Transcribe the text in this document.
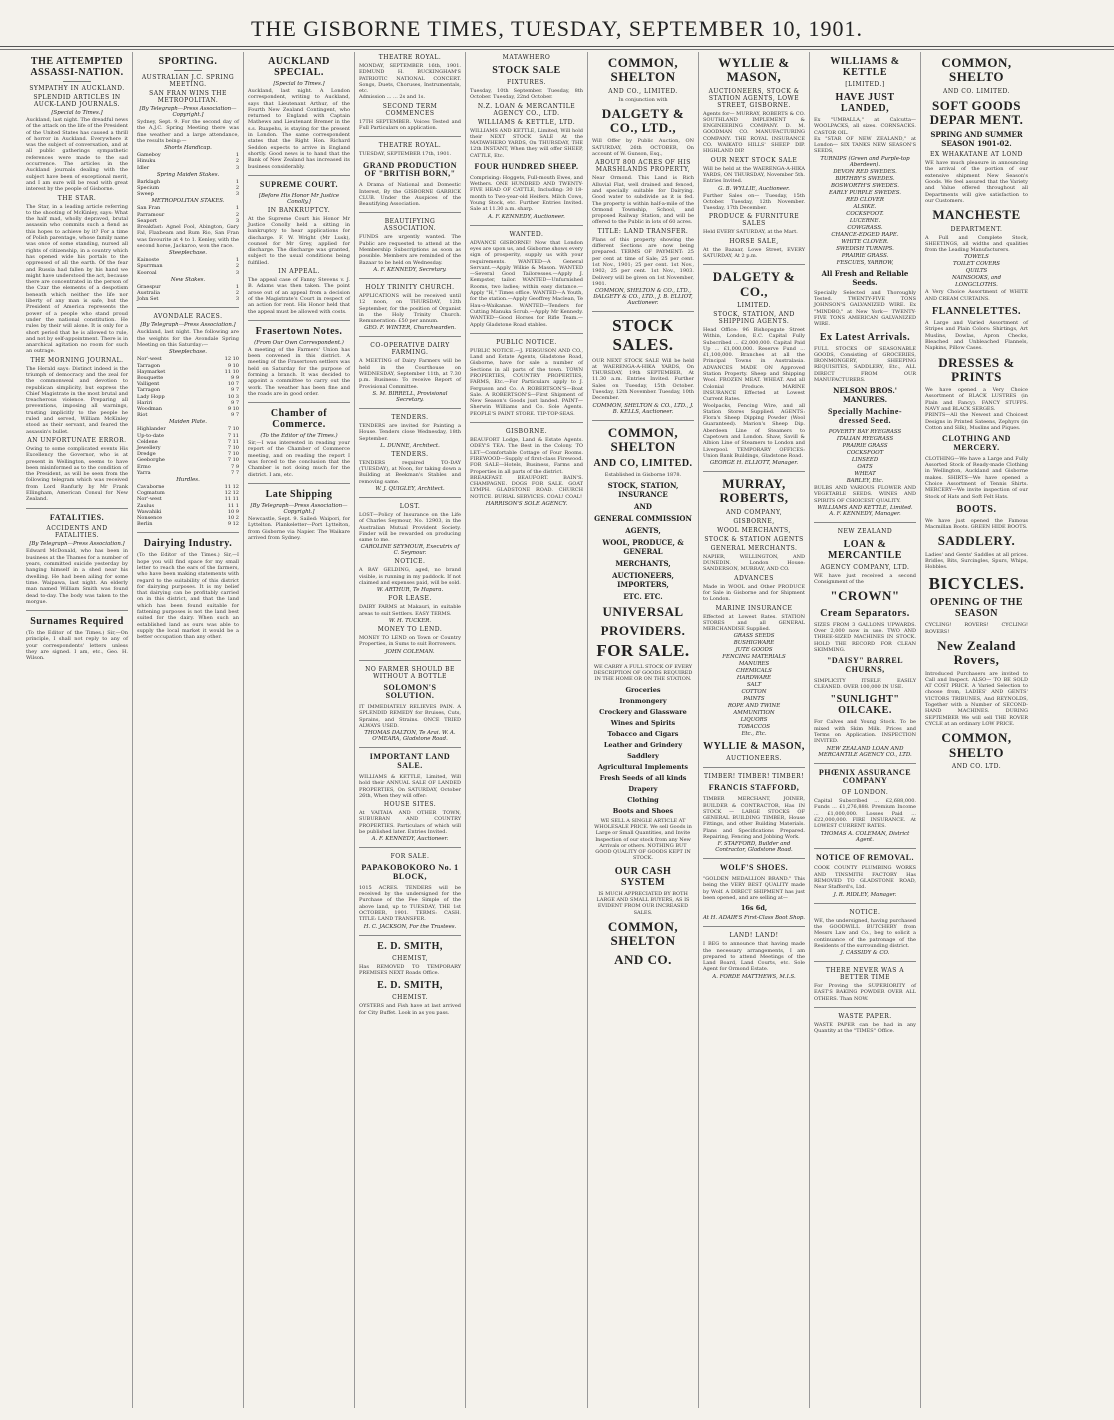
THE GISBORNE TIMES, TUESDAY, SEPTEMBER 10, 1901.
THE ATTEMPTED ASSASSI-NATION.
SYMPATHY IN AUCKLAND.
SPLENDID ARTICLES IN AUCK-LAND JOURNALS.
[Special to Times.]

Auckland, last night. The dreadful news of the attack on the life of the President of the United States has caused a thrill of horror in Auckland. Everywhere it was the subject of conversation, and at all public gatherings sympathetic references were made to the sad occurrence. The articles in the Auckland journals dealing with the subject have been of exceptional merit, and I am sure will be read with great interest by the people of Gisborne.

THE STAR.

The Star, in a leading article referring to the shooting of McKinley, says: What the half mad, wholly depraved, brutal assassin who commits such a fiend as this hopes to achieve by it? For a time of Polish parentage, whose family name was once of some standing, nursed all rights of citizenship, in a country which has opened wide his portals to the oppressed of all the earth. Of the fear and Russia had fallen by his hand we might have understood the act, because there are concentrated in the person of the Czar the elements of a despotism beneath which neither the life nor liberty of any man is safe, but the President of America represents the power of a people who stand proud under the national constitution. He rules by their will alone. It is only for a short period that he is allowed to rule, and not by self-appointment. There is in anarchical agitation no room for such an outrage.

THE MORNING JOURNAL.

The Herald says: Distinct indeed is the triumph of democracy and the zeal for the commonweal and devotion to republican simplicity, but express the Chief Magistrate in the most brutal and treacherous violence. Preparing all preventions, imposing all warnings, trusting implicitly to the people he ruled and served, William McKinley stood as their servant, and feared the assassin's bullet.

AN UNFORTUNATE ERROR.

Owing to some complicated events His Excellency the Governor, who is at present in Wellington, seems to have been misinformed as to the condition of the President, as will be seen from the following telegram which was received from Lord Ranfurly by Mr Frank Ellingham, American Consul for New Zealand.

FATALITIES.
ACCIDENTS AND FATALITIES.
[By Telegraph—Press Association.]

Edward McDonald, who has been in business at the Thames for a number of years, committed suicide yesterday by hanging himself in a shed near his dwelling. He had been ailing for some time. Waipawa, last night. An elderly man named William Smith was found dead to-day. The body was taken to the morgue.

Surnames Required

(To the Editor of the Times.) Sir,—On principle, I shall not reply to any of your correspondents' letters unless they are signed. I am, etc., Geo. H. Wilson.

SPORTING.
AUSTRALIAN J.C. SPRING MEETING.
SAN FRAN WINS THE METROPOLITAN.
[By Telegraph—Press Association—Copyright.]

Sydney, Sept. 9. For the second day of the A.J.C. Spring Meeting there was fine weather and a large attendance, the results being:—

Shorts Handicap.
Gameboy	1
Hinuku	2
Idler	3
Spring Maiden Stakes.
Barklagh	1
Specium	2
Sweep	3
METROPOLITAN STAKES.
San Fran	1
Parramour	2
Seaport	3

Breakfast: Agnel Fool, Abington, Gary Fal, Flaxbeam and Rum Rio, San Fran was favourite at 4 to 1. Kenley, with the second horse, Jackaroo, won the race.

Steeplechase.
Kainoste	1
Spurrman	2
Kooroal	3
New Stakes.
Graespur	1
Australia	2
John Set	3
AVONDALE RACES.
[By Telegraph—Press Association.]

Auckland, last night. The following are the weights for the Avondale Spring Meeting on this Saturday:—

Steeplechase.
Nor'-west	12 10
Tarragon	9 10
Haymarket	11 10
Bouquette	9 9
Valligent	10 7
Tarragon	9 7
Lady Hopp	10 3
Hariri	9 7
Woodman	9 10
Riot	9 7
Maiden Plate.
Highlander	7 10
Up-to-date	7 11
Celdene	7 11
Jewellery	7 10
Dredge	7 10
Geeborghe	7 10
Ermo	7 9
Yarra	7 7
Hurdles.
Cavaborne	11 12
Cogmatum	12 12
Nor'-west	11 11
Zaulus	11 1
Wawahiki	10 9
Nonsence	10 2
Berlin	9 12
Dairying Industry.

(To the Editor of the Times.) Sir,—I hope you will find space for my small letter to reach the ears of the farmers, who have been making statements with regard to the suitability of this district for dairying purposes. It is my belief that dairying can be profitably carried on in this district, and that the land which has been found suitable for fattening purposes is not the land best suited for the dairy. When such an established land as ours was able to supply the local market it would be a better occupation than any other.

AUCKLAND SPECIAL.
[Special to Times.]

Auckland, last night. A London correspondent, writing to Auckland, says that Lieutenant Arthur, of the Fourth New Zealand Contingent, who returned to England with Captain Mathews and Lieutenant Bremer in the s.s. Ruapehu, is staying for the present in London. The same correspondent states that the Right Hon. Richard Seddon expects to arrive in England shortly. Good news is to hand that the Bank of New Zealand has increased its business considerably.

SUPREME COURT.
[Before His Honor Mr Justice Conolly.]
IN BANKRUPTCY.

At the Supreme Court his Honor Mr Justice Conolly held a sitting in bankruptcy to hear applications for discharge. F. W. Wright (Mr Lusk), counsel for Mr Grey, applied for discharge. The discharge was granted, subject to the usual conditions being fulfilled.

IN APPEAL.

The appeal case of Fanny Stevens v. J. B. Adams was then taken. The point arose out of an appeal from a decision of the Magistrate's Court in respect of an action for rent. His Honor held that the appeal must be allowed with costs.

Frasertown Notes.
(From Our Own Correspondent.)

A meeting of the Farmers' Union has been convened in this district. A meeting of the Frasertown settlers was held on Saturday for the purpose of forming a branch. It was decided to appoint a committee to carry out the work. The weather has been fine and the roads are in good order.

Chamber of Commerce.
(To the Editor of the Times.)

Sir,—I was interested in reading your report of the Chamber of Commerce meeting, and on reading the report I was forced to the conclusion that the Chamber is not doing much for the district. I am, etc.

Late Shipping
[By Telegraph—Press Association—Copyright.]

Newcastle, Sept. 9. Sailed: Waipori, for Lyttelton. Plankeletter—Port Lyttelton, from Gisborne via Napier. The Waikare arrived from Sydney.

THEATRE ROYAL.

MONDAY, SEPTEMBER 16th, 1901. EDMUND H. BUCKINGHAM'S PATRIOTIC NATIONAL CONCERT. Songs, Duets, Choruses, Instrumentals, etc.

Admission ... ... 2s and 1s.

SECOND TERM COMMENCES

17TH SEPTEMBER. Voices Tested and Full Particulars on application.

THEATRE ROYAL.

TUESDAY, SEPTEMBER 17th, 1901.

GRAND PRODUCTION OF "BRITISH BORN,"

A Drama of National and Domestic Interest, By the GISBORNE GARRICK CLUB. Under the Auspices of the Beautifying Association.

BEAUTIFYING ASSOCIATION.

FUNDS are urgently wanted. The Public are requested to attend at the Membership Subscriptions as soon as possible. Members are reminded of the Bazaar to be held on Wednesday.

A. F. KENNEDY, Secretary.
HOLY TRINITY CHURCH.

APPLICATIONS will be received until 12 noon, on THURSDAY, 12th September, for the position of Organist in the Holy Trinity Church. Remuneration: £50 per annum.

GEO. F. WINTER, Churchwarden.
CO-OPERATIVE DAIRY FARMING.

A MEETING of Dairy Farmers will be held in the Courthouse on WEDNESDAY, September 11th, at 7.30 p.m. Business: To receive Report of Provisional Committee.

S. M. BIRRELL, Provisional Secretary.
TENDERS.

TENDERS are invited for Painting a House. Tenders close Wednesday, 18th September.

L. DUNNE, Architect.
TENDERS.

TENDERS required TO-DAY (TUESDAY), at Noon, for taking down a Building at Beekman's Stables and removing same.

W. J. QUIGLEY, Architect.
LOST.

LOST—Policy of Insurance on the Life of Charles Seymour, No. 12903, in the Australian Mutual Provident Society. Finder will be rewarded on producing same to me.

CAROLINE SEYMOUR, Executrix of C. Seymour.
NOTICE.

A BAY GELDING, aged, no brand visible, is running in my paddock. If not claimed and expenses paid, will be sold.

W. ARTHUR, Te Hapara.
FOR LEASE.

DAIRY FARMS at Makauri, in suitable areas to suit Settlers. EASY TERMS.

W. H. TUCKER.
MONEY TO LEND.

MONEY TO LEND on Town or Country Properties, in Sums to suit Borrowers.

JOHN COLEMAN.
NO FARMER SHOULD BE WITHOUT A BOTTLE
SOLOMON'S SOLUTION.

IT IMMEDIATELY RELIEVES PAIN. A SPLENDID REMEDY for Bruises, Cuts, Sprains, and Strains. ONCE TRIED ALWAYS USED.

THOMAS DALTON, Te Arai. W. A. O'MEARA, Gladstone Road.
IMPORTANT LAND SALE.

WILLIAMS & KETTLE, Limited, Will hold their ANNUAL SALE OF LANDED PROPERTIES, On SATURDAY, October 26th, When they will offer:

HOUSE SITES.

At VAITAIA AND OTHER TOWN, SUBURBAN AND COUNTRY PROPERTIES. Particulars of which will be published later. Entries Invited.

A. F. KENNEDY, Auctioneer.
FOR SALE.
PAPAKOBOKORO No. 1 BLOCK,

1015 ACRES. TENDERS will be received by the undersigned for the Purchase of the Fee Simple of the above land, up to TUESDAY, THE 1st OCTOBER, 1901. TERMS: CASH. TITLE: LAND TRANSFER.

H. C. JACKSON, For the Trustees.
E. D. SMITH,
CHEMIST,

Has REMOVED TO TEMPORARY PREMISES NEXT Roads Office.

E. D. SMITH,
CHEMIST.

OYSTERS and Fish have at last arrived for City Buffet. Look in as you pass.

MATAWHERO
STOCK SALE
FIXTURES.

Tuesday, 10th September. Tuesday, 8th October. Tuesday, 22nd October.

N.Z. LOAN & MERCANTILE AGENCY CO., LTD.
WILLIAMS & KETTLE, LTD.

WILLIAMS AND KETTLE, Limited, Will hold their NEXT STOCK SALE At the MATAWHERO YARDS, On THURSDAY, THE 12th INSTANT, When they will offer SHEEP, CATTLE, Etc.

FOUR HUNDRED SHEEP.

Comprising: Hoggets, Full-mouth Ewes, and Wethers. ONE HUNDRED AND TWENTY-FIVE HEAD OF CATTLE, Including: 30 18-month to Two-year-old Heifers. Milch Cows, Young Stock, etc. Further Entries Invited. Sale at 11.30 a.m. sharp.

A. F. KENNEDY, Auctioneer.
WANTED.

ADVANCE GISBORNE! Now that London eyes are upon us, and Gisborne shows every sign of prosperity, supply us with your requirements. WANTED—A General Servant.—Apply Wilkie & Mason. WANTED—Several Good Tailoresses.—Apply J. Kempster, tailor. WANTED—Unfurnished Rooms, two ladies; within easy distance.—Apply "H," Times office. WANTED—A Youth, for the station.—Apply Geoffrey Maclean, Te Hau-o-Waikanae. WANTED—Tenders for Cutting Manuka Scrub.—Apply Mr Kennedy. WANTED—Good Horses for Rifle Team.—Apply Gladstone Road stables.

PUBLIC NOTICE.

PUBLIC NOTICE.—J. FERGUSON AND CO., Land and Estate Agents, Gladstone Road, Gisborne, have for sale a number of Sections in all parts of the town. TOWN PROPERTIES, COUNTRY PROPERTIES, FARMS, Etc.—For Particulars apply to J. Ferguson and Co. A ROBERTSON'S—Boat Sale. A ROBERTSON'S—First Shipment of New Season's Goods just landed. PAINT—Sherwin Williams and Co. Sole Agents. PEOPLE'S PAINT STORE. TIP-TOP-SEAS.

GISBORNE.

BEAUFORT Lodge, Land & Estate Agents. ODEY'S TEA. The Best in the Colony. TO LET—Comfortable Cottage of Four Rooms. FIREWOOD—Supply of first-class Firewood. FOR SALE—Hotels, Business, Farms and Properties in all parts of the district.

BREAKFAST. BEAUFORT. BAIN'S. CHAMPAGNE. DOGS FOR SALE. GOAT LYMPH. GLADSTONE ROAD. CHURCH NOTICE. BURIAL SERVICES. COAL! COAL!

HARRISON'S SOLE AGENCY.
COMMON, SHELTON
AND CO., LIMITED.

In conjunction with

DALGETY & CO., LTD.,

Will Offer by Public Auction, ON SATURDAY, 26th OCTOBER, On account of W. Gunson, Esq.,

ABOUT 800 ACRES OF HIS MARSHLANDS PROPERTY,

Near Ormond. This Land is Rich Alluvial Flat, well drained and fenced, and specially suitable for Dairying. Good water to subdivide as it is fed. The property is within half-a-mile of the Ormond Township, School, and proposed Railway Station, and will be offered to the Public in lots of 60 acres.

TITLE: LAND TRANSFER.

Plans of this property showing the different Sections are now being prepared. TERMS OF PAYMENT: 25 per cent at time of Sale; 25 per cent. 1st Nov., 1901; 25 per cent. 1st Nov., 1902; 25 per cent. 1st Nov., 1903. Delivery will be given on 1st November, 1901.

COMMON, SHELTON & CO., LTD., DALGETY & CO., LTD., J. B. ELLIOT, Auctioneer.
STOCK SALES.

OUR NEXT STOCK SALE Will be held at WAERENGA-A-HIKA YARDS, On THURSDAY, 19th SEPTEMBER, At 11.30 a.m. Entries Invited. Further Sales on Tuesday, 15th October. Tuesday, 12th November. Tuesday, 10th December.

COMMON, SHELTON & CO., LTD., J. B. KELLS, Auctioneer.
COMMON, SHELTON
AND CO, LIMITED.

Established in Gisborne 1878.

STOCK, STATION, INSURANCE
AND
GENERAL COMMISSION
AGENTS,
WOOL, PRODUCE, & GENERAL
MERCHANTS,
AUCTIONEERS, IMPORTERS,
ETC. ETC.
UNIVERSAL
PROVIDERS.
FOR SALE.

WE CARRY A FULL STOCK OF EVERY DESCRIPTION OF GOODS REQUIRED IN THE HOME OR ON THE STATION.

Groceries
Ironmongery
Crockery and Glassware
Wines and Spirits
Tobacco and Cigars
Leather and Grindery
Saddlery
Agricultural Implements
Fresh Seeds of all kinds
Drapery
Clothing
Boots and Shoes

WE SELL A SINGLE ARTICLE AT WHOLESALE PRICE. We sell Goods in Large or Small Quantities, and Invite Inspection of our stock from any New Arrivals or others. NOTHING BUT GOOD QUALITY OF GOODS KEPT IN STOCK.

OUR CASH SYSTEM

IS MUCH APPRECIATED BY BOTH LARGE AND SMALL BUYERS, AS IS EVIDENT FROM OUR INCREASED SALES.

COMMON, SHELTON
AND CO.
WYLLIE & MASON,
AUCTIONEERS, STOCK & STATION AGENTS, LOWE STREET, GISBORNE.

Agents for— MURRAY, ROBERTS & CO. SOUTHLAND IMPLEMENT & ENGINEERING COMPANY. D. M. GOODMAN CO. MANUFACTURING COMPANY. THE ROYAL INSURANCE CO. WAIKATO HILLS' SHEEP DIP. HIGHLAND DIP.

OUR NEXT STOCK SALE

Will be held at the WAERENGA-A-HIKA YARDS, ON THURSDAY, November 5th. Entries Invited.

G. B. WYLLIE, Auctioneer.

Further Sales on— Tuesday, 15th October. Tuesday, 12th November. Tuesday, 17th December.

PRODUCE & FURNITURE SALES

Held EVERY SATURDAY, at the Mart.

HORSE SALE,

At the Bazaar, Lowe Street, EVERY SATURDAY, At 2 p.m.

DALGETY & CO.,
LIMITED.
STOCK, STATION, AND SHIPPING AGENTS.

Head Office: 96 Bishopsgate Street Within, London, E.C. Capital Fully Subscribed ... £2,000,000. Capital Paid Up ... £1,000,000. Reserve Fund ... £1,100,000. Branches at all the Principal Towns in Australasia. ADVANCES MADE ON Approved Station Property. Sheep and Shipping Wool. FROZEN MEAT. WHEAT. And all Colonial Produce. MARINE INSURANCE Effected at Lowest Current Rates.

Woolpacks, Fencing Wire, and all Station Stores Supplied. AGENTS: Flora's Sheep Dipping Powder (Wool Guaranteed). Marion's Sheep Dip. Aberdeen Line of Steamers to Capetown and London. Shaw, Savill & Albion Line of Steamers to London and Liverpool. TEMPORARY OFFICES: Union Bank Buildings, Gladstone Road.

GEORGE H. ELLIOTT, Manager.
MURRAY, ROBERTS,
AND COMPANY,
GISBORNE,
WOOL MERCHANTS,
STOCK & STATION AGENTS
GENERAL MERCHANTS.

NAPIER, WELLINGTON, AND DUNEDIN. London House: SANDERSON, MURRAY, AND CO.

ADVANCES

Made in WOOL and Other PRODUCE for Sale in Gisborne and for Shipment to London.

MARINE INSURANCE

Effected at Lowest Rates. STATION STORES and all GENERAL MERCHANDISE Supplied.

GRASS SEEDS
BUSHIGWARE
JUTE GOODS
FENCING MATERIALS
MANURES
CHEMICALS
HARDWARE
SALT
COTTON
PAINTS
ROPE AND TWINE
AMMUNITION
LIQUORS
TOBACCOS
Etc., Etc.
WYLLIE & MASON,
AUCTIONEERS.
TIMBER! TIMBER! TIMBER!
FRANCIS STAFFORD,

TIMBER MERCHANT, JOINER, BUILDER & CONTRACTOR, Has IN STOCK — LARGE STOCKS OF GENERAL BUILDING TIMBER, House Fittings, and other Building Materials. Plans and Specifications Prepared. Repairing, Fencing and Jobbing Work.

F. STAFFORD, Builder and Contractor, Gladstone Road.
WOLF'S SHOES.

"GOLDEN MEDALLION BRAND." This being the VERY BEST QUALITY made by Wolf. A DIRECT SHIPMENT has just been opened, and are selling at—

16s 6d,
At H. ADAIR'S First-Class Boot Shop.
LAND! LAND!

I BEG to announce that having made the necessary arrangements, I am prepared to attend Meetings of the Land Board, Land Courts, etc. Sole Agent for Ormond Estate.

A. FORDE MATTHEWS, M.I.S.
WILLIAMS & KETTLE
[LIMITED.]
HAVE JUST LANDED,

Ex "UMBALLA," at Calcutta— WOOLPACKS, all sizes. CORNSACKS. CASTOR OIL.

Ex "STAR OF NEW ZEALAND," at London— SIX TANKS NEW SEASON'S SEEDS,

TURNIPS (Green and Purple-top Aberdeen).
DEVON RED SWEDES.
BIRTHBY'S SWEDES.
BOSWORTH'S SWEDES.
EARLY PURPLE SWEDES.
RED CLOVER
ALSIKE.
COCKSFOOT.
LUCERNE.
COWGRASS.
CHANCE-EDGED RAPE.
WHITE CLOVER.
SWEDISH TURNIPS.
PRAIRIE GRASS.
FESCUES, YARROW,
All Fresh and Reliable Seeds.

Specially Selected and Thoroughly Tested. TWENTY-FIVE TONS JOHNSON'S GALVANIZED WIRE. Ex "MINDBO," at New York— TWENTY-FIVE TONS AMERICAN GALVANIZED WIRE.

Ex Latest Arrivals.

FULL STOCKS OF SEASONABLE GOODS, Consisting of GROCERIES, IRONMONGERY, SHEEPING REQUISITES, SADDLERY, Etc., ALL DIRECT FROM OUR MANUFACTURERS.

NELSON BROS.' MANURES.
Specially Machine-dressed Seed.
POVERTY BAY RYEGRASS
ITALIAN RYEGRASS
PRAIRIE GRASS
COCKSFOOT
LINSEED
OATS
WHEAT
BARLEY, Etc.

BULBS AND VARIOUS FLOWER AND VEGETABLE SEEDS. WINES AND SPIRITS OF CHOICEST QUALITY.

WILLIAMS AND KETTLE, Limited. A. F. KENNEDY, Manager.
NEW ZEALAND
LOAN & MERCANTILE
AGENCY COMPANY, LTD.

WE have just received a second Consignment of the

"CROWN"
Cream Separators.

SIZES FROM 3 GALLONS UPWARDS. Over 2,000 now in use. TWO AND THREE-SIZED MACHINES IN STOCK. HOLD THE RECORD FOR CLEAN SKIMMING.

"DAISY" BARREL CHURNS,

SIMPLICITY ITSELF. EASILY CLEANED. OVER 100,000 IN USE.

"SUNLIGHT" OILCAKE.

For Calves and Young Stock. To be mixed with Skim Milk. Prices and Terms on Application. INSPECTION INVITED.

NEW ZEALAND LOAN AND MERCANTILE AGENCY CO., LTD.
PHŒNIX ASSURANCE COMPANY
OF LONDON.

Capital Subscribed ... £2,688,000. Funds ... £1,276,888. Premium Income ... £1,000,000. Losses Paid ... £22,000,000. FIRE INSURANCE. At LOWEST CURRENT RATES.

THOMAS A. COLEMAN, District Agent.
NOTICE OF REMOVAL.

COOK COUNTY PLUMBING WORKS AND TINSMITH FACTORY Has REMOVED TO GLADSTONE ROAD, Near Stafford's, Ltd.

J. R. RIDLEY, Manager.
NOTICE.

WE, the undersigned, having purchased the GOODWILL BUTCHERY from Messrs Law and Co., beg to solicit a continuance of the patronage of the Residents of the surrounding district.

J. CASSIDY & CO.
THERE NEVER WAS A BETTER TIME

For Proving the SUPERIORITY of EAST'S BAKING POWDER OVER ALL OTHERS. Than NOW.

WASTE PAPER.

WASTE PAPER can be had in any Quantity at the "TIMES" Office.

COMMON, SHELTO
AND CO. LIMITED.
SOFT GOODS DEPAR MENT.
SPRING AND SUMMER SEASON 1901-02.
EX WHAKATANE AT LOND

WE have much pleasure in announcing the arrival of the portion of our extensive shipment New Season's Goods. We feel assured that the Variety and Value offered throughout all Departments will give satisfaction to our Customers.

MANCHESTE
DEPARTMENT.

A Full and Complete Stock, SHEETINGS, all widths and qualities from the Leading Manufacturers.

TOWELS
TOILET COVERS
QUILTS
NAINSOOKS, and
LONGCLOTHS.

A Very Choice Assortment of WHITE AND CREAM CURTAINS.

FLANNELETTES.

A Large and Varied Assortment of Stripes and Plain Colors: Shirtings, Art Muslins, Dowlas, Apron Checks, Bleached and Unbleached Flannels, Napkins, Pillow Cases.

DRESSES & PRINTS

We have opened a Very Choice Assortment of BLACK LUSTRES (in Plain and Fancy). FANCY STUFFS. NAVY and BLACK SERGES.

PRINTS—All the Newest and Choicest Designs in Printed Sateens, Zephyrs (in Cotton and Silk), Muslins and Piques.

CLOTHING AND MERCERY.

CLOTHING—We have a Large and Fully Assorted Stock of Ready-made Clothing in Wellington, Auckland and Gisborne makes. SHIRTS—We have opened a Choice Assortment of Tennis Shirts. MERCERY—We invite inspection of our Stock of Hats and Soft Felt Hats.

BOOTS.

We have just opened the Famous Macmillan Boots. GREEN HIDE BOOTS.

SADDLERY.

Ladies' and Gents' Saddles at all prices. Bridles, Bits, Surcingles, Spurs, Whips, Hobbles.

BICYCLES.
OPENING OF THE SEASON

CYCLING! ROVERS! CYCLING! ROVERS!

New Zealand Rovers,

Introduced Purchasers are invited to Call and Inspect. ALSO— TO BE SOLD AT COST PRICE. A Varied Selection to choose from, LADIES' AND GENTS' VICTORS TRIBUNES, And REYNOLDS, Together with a Number of SECOND-HAND MACHINES. DURING SEPTEMBER We will sell THE ROVER CYCLE at an ordinary LOW PRICE.

COMMON, SHELTO
AND CO. LTD.
